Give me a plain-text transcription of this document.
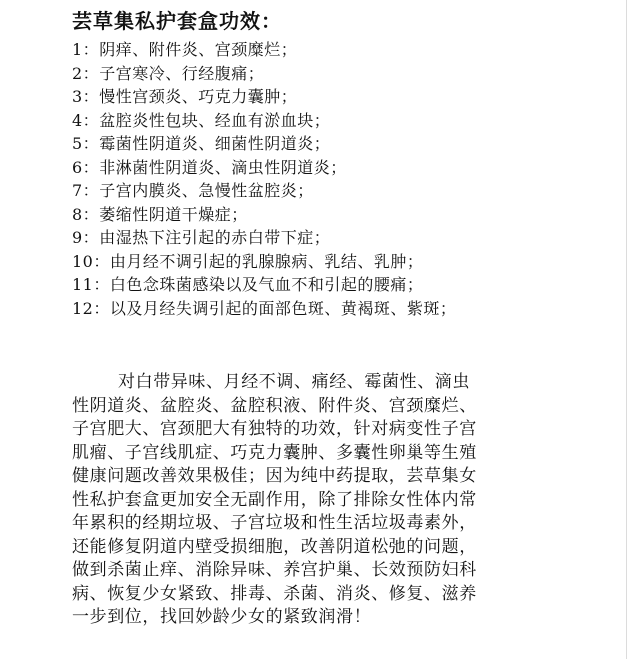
芸草集私护套盒功效：
1：阴痒、附件炎、宫颈糜烂；
2：子宫寒冷、行经腹痛；
3：慢性宫颈炎、巧克力囊肿；
4：盆腔炎性包块、经血有淤血块；
5：霉菌性阴道炎、细菌性阴道炎；
6：非淋菌性阴道炎、滴虫性阴道炎；
7：子宫内膜炎、急慢性盆腔炎；
8：萎缩性阴道干燥症；
9：由湿热下注引起的赤白带下症；
10：由月经不调引起的乳腺腺病、乳结、乳肿；
11：白色念珠菌感染以及气血不和引起的腰痛；
12：以及月经失调引起的面部色斑、黄褐斑、紫斑；
对白带异味、月经不调、痛经、霉菌性、滴虫
性阴道炎、盆腔炎、盆腔积液、附件炎、宫颈糜烂、
子宫肥大、宫颈肥大有独特的功效，针对病变性子宫
肌瘤、子宫线肌症、巧克力囊肿、多囊性卵巢等生殖
健康问题改善效果极佳；因为纯中药提取，芸草集女
性私护套盒更加安全无副作用，除了排除女性体内常
年累积的经期垃圾、子宫垃圾和性生活垃圾毒素外，
还能修复阴道内壁受损细胞，改善阴道松弛的问题，
做到杀菌止痒、消除异味、养宫护巢、长效预防妇科
病、恢复少女紧致、排毒、杀菌、消炎、修复、滋养
一步到位，找回妙龄少女的紧致润滑！
